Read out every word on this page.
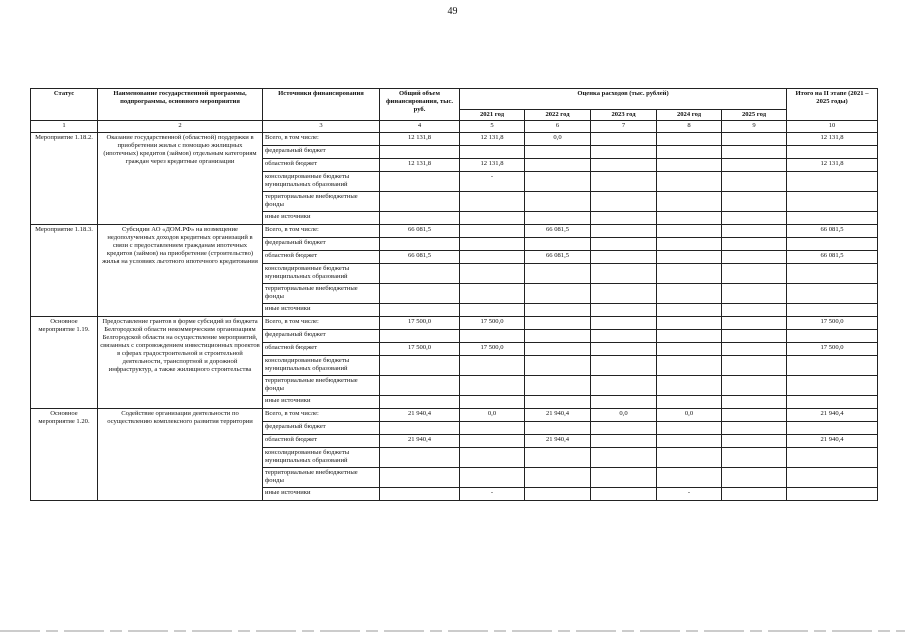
49
Статус	Наименование государственной программы, подпрограммы, основного мероприятия	Источники финансирования	Общий объем финансирования, тыс. руб.	Оценка расходов (тыс. рублей)					Итого на II этапе (2021 – 2025 годы)
				2021 год	2022 год	2023 год	2024 год	2025 год	
1	2	3	4	5	6	7	8	9	10
Мероприятие 1.18.2.	Оказание государственной (областной) поддержки в приобретении жилья с помощью жилищных (ипотечных) кредитов (займов) отдельным категориям граждан через кредитные организации	Всего, в том числе:	12 131,8	12 131,8	0,0				12 131,8
		федеральный бюджет							
		областной бюджет	12 131,8	12 131,8					12 131,8
		консолидированные бюджеты муниципальных образований		-					
		территориальные внебюджетные фонды							
		иные источники							
Мероприятие 1.18.3.	Субсидии АО «ДОМ.РФ» на возмещение недополученных доходов кредитных организаций в связи с предоставлением гражданам ипотечных кредитов (займов) на приобретение (строительство) жилья на условиях льготного ипотечного кредитования	Всего, в том числе:	66 081,5		66 081,5				66 081,5
		федеральный бюджет							
		областной бюджет	66 081,5		66 081,5				66 081,5
		консолидированные бюджеты муниципальных образований							
		территориальные внебюджетные фонды							
		иные источники							
Основное мероприятие 1.19.	Предоставление грантов в форме субсидий из бюджета Белгородской области некоммерческим организациям Белгородской области на осуществление мероприятий, связанных с сопровождением инвестиционных проектов в сферах градостроительной и строительной деятельности, транспортной и дорожной инфраструктур, а также жилищного строительства	Всего, в том числе:	17 500,0	17 500,0					17 500,0
		федеральный бюджет							
		областной бюджет	17 500,0	17 500,0					17 500,0
		консолидированные бюджеты муниципальных образований							
		территориальные внебюджетные фонды							
		иные источники							
Основное мероприятие 1.20.	Содействие организации деятельности по осуществлению комплексного развития территории	Всего, в том числе:	21 940,4	0,0	21 940,4	0,0	0,0		21 940,4
		федеральный бюджет							
		областной бюджет	21 940,4		21 940,4				21 940,4
		консолидированные бюджеты муниципальных образований							
		территориальные внебюджетные фонды							
		иные источники		-			-		
